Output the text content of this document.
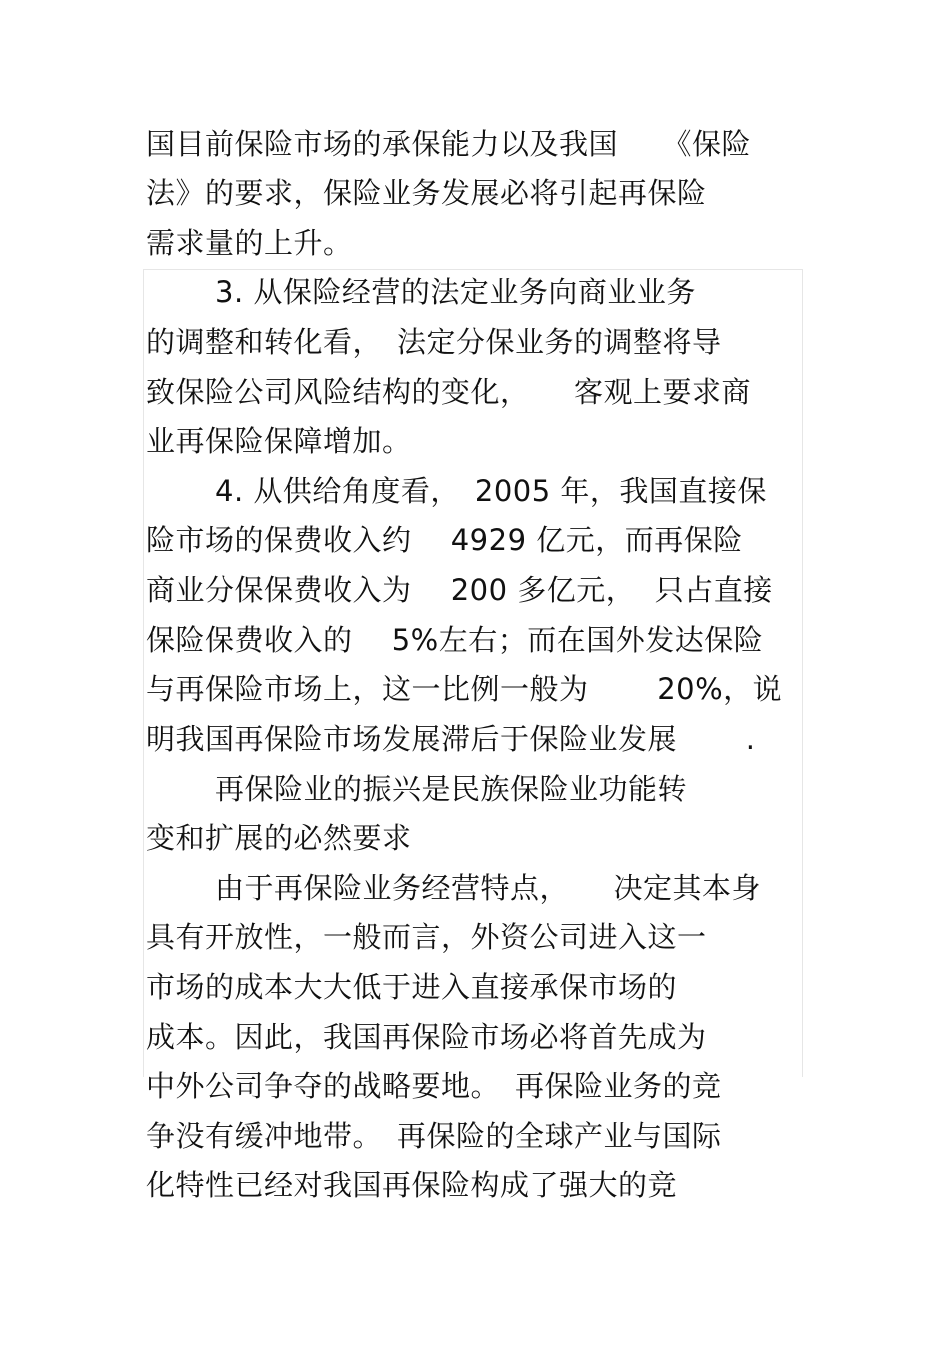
国目前保险市场的承保能力以及我国　　《保险
法》的要求，保险业务发展必将引起再保险
需求量的上升。
3. 从保险经营的法定业务向商业业务
的调整和转化看，　法定分保业务的调整将导
致保险公司风险结构的变化，　　客观上要求商
业再保险保障增加。
4. 从供给角度看，　2005 年，我国直接保
险市场的保费收入约　 4929 亿元，而再保险
商业分保保费收入为　 200 多亿元，  只占直接
保险保费收入的　 5%左右；而在国外发达保险
与再保险市场上，这一比例一般为　　 20%，说
明我国再保险市场发展滞后于保险业发展　　 .
再保险业的振兴是民族保险业功能转
变和扩展的必然要求
由于再保险业务经营特点，　　决定其本身
具有开放性，一般而言，外资公司进入这一
市场的成本大大低于进入直接承保市场的
成本。因此，我国再保险市场必将首先成为
中外公司争夺的战略要地。　再保险业务的竞
争没有缓冲地带。　再保险的全球产业与国际
化特性已经对我国再保险构成了强大的竞
